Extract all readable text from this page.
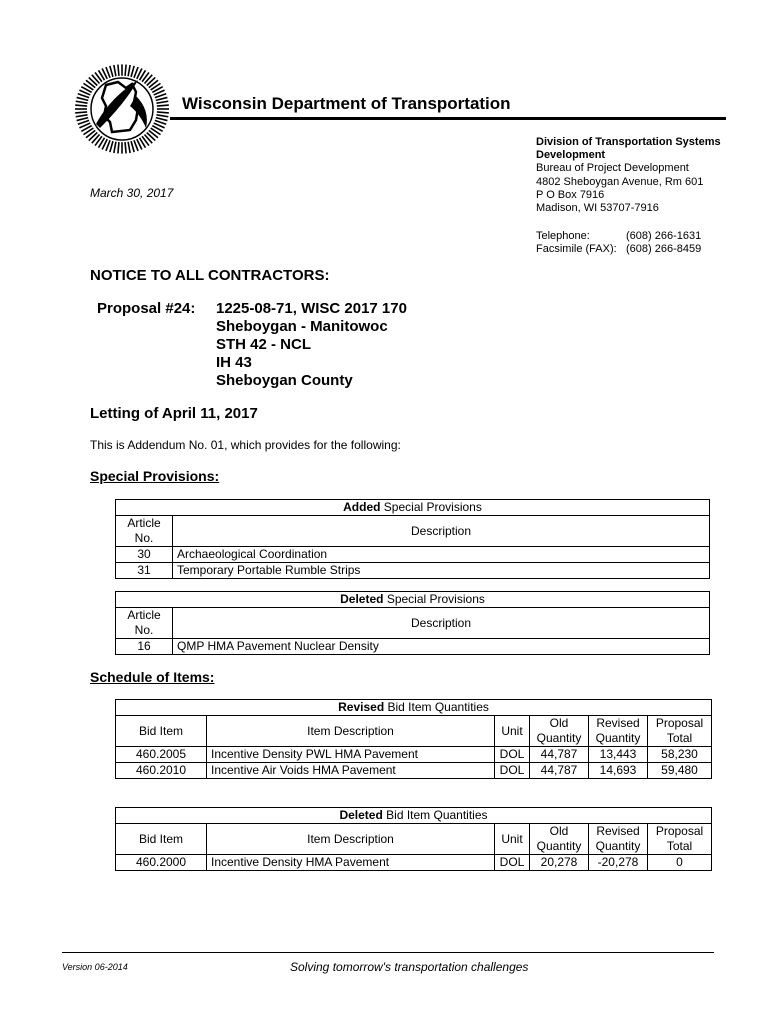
Wisconsin Department of Transportation
Division of Transportation Systems
Development
Bureau of Project Development
4802 Sheboygan Avenue, Rm 601
P O Box 7916
Madison, WI 53707-7916
Telephone:	(608) 266-1631
Facsimile (FAX): (608) 266-8459
March 30, 2017
NOTICE TO ALL CONTRACTORS:
Proposal #24: 1225-08-71, WISC 2017 170
Sheboygan - Manitowoc
STH 42 - NCL
IH 43
Sheboygan County
Letting of April 11, 2017
This is Addendum No. 01, which provides for the following:
Special Provisions:
Added Special Provisions	
Article No.	Description
30	Archaeological Coordination
31	Temporary Portable Rumble Strips
Deleted Special Provisions	
Article No.	Description
16	QMP HMA Pavement Nuclear Density
Schedule of Items:
Revised Bid Item Quantities					
Bid Item	Item Description	Unit	Old Quantity	Revised Quantity	Proposal Total
460.2005	Incentive Density PWL HMA Pavement	DOL	44,787	13,443	58,230
460.2010	Incentive Air Voids HMA Pavement	DOL	44,787	14,693	59,480
Deleted Bid Item Quantities					
Bid Item	Item Description	Unit	Old Quantity	Revised Quantity	Proposal Total
460.2000	Incentive Density HMA Pavement	DOL	20,278	-20,278	0
Version 06-2014	Solving tomorrow's transportation challenges
